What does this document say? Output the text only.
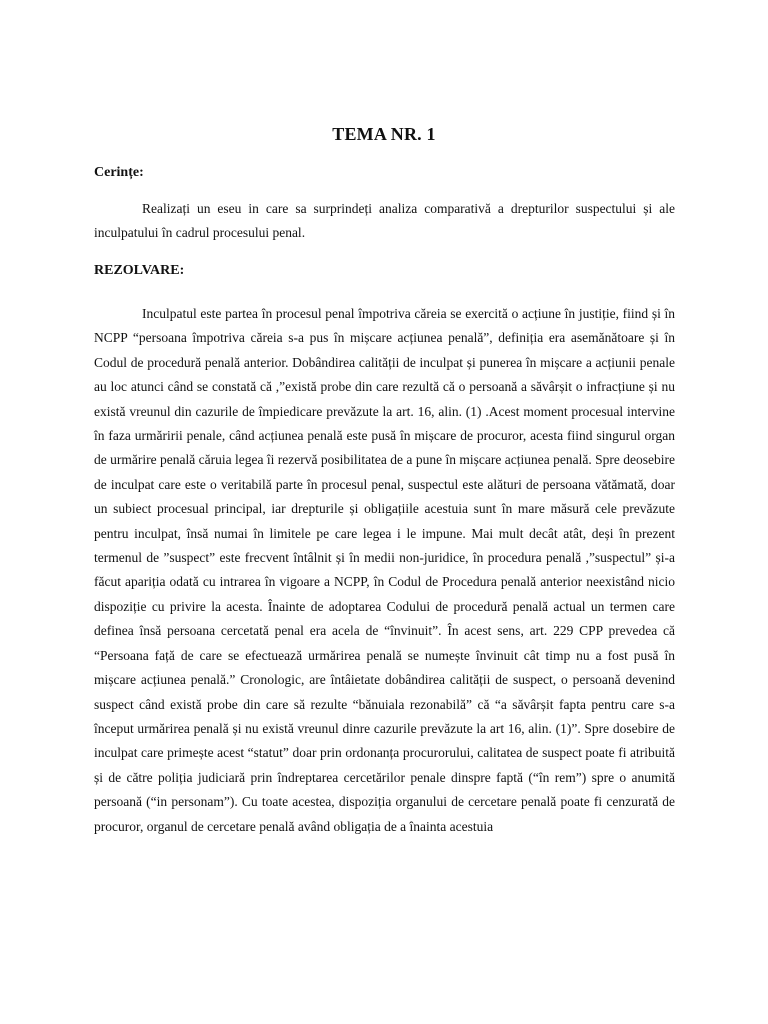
TEMA NR. 1
Cerințe:

Realizați un eseu in care sa surprindeți analiza comparativă a drepturilor suspectului și ale inculpatului în cadrul procesului penal.

REZOLVARE:

Inculpatul este partea în procesul penal împotriva căreia se exercită o acțiune în justiție, fiind și în NCPP “persoana împotriva căreia s-a pus în mișcare acțiunea penală”, definiția era asemănătoare și în Codul de procedură penală anterior. Dobândirea calității de inculpat și punerea în mișcare a acțiunii penale au loc atunci când se constată că ,”există probe din care rezultă că o persoană a săvârșit o infracțiune și nu există vreunul din cazurile de împiedicare prevăzute la art. 16, alin. (1) .Acest moment procesual intervine în faza urmăririi penale, când acțiunea penală este pusă în mișcare de procuror, acesta fiind singurul organ de urmărire penală căruia legea îi rezervă posibilitatea de a pune în mișcare acțiunea penală. Spre deosebire de inculpat care este o veritabilă parte în procesul penal, suspectul este alături de persoana vătămată, doar un subiect procesual principal, iar drepturile și obligațiile acestuia sunt în mare măsură cele prevăzute pentru inculpat, însă numai în limitele pe care legea i le impune. Mai mult decât atât, deși în prezent termenul de ”suspect” este frecvent întâlnit și în medii non-juridice, în procedura penală ,”suspectul” și-a făcut apariția odată cu intrarea în vigoare a NCPP, în Codul de Procedura penală anterior neexistând nicio dispoziție cu privire la acesta. Înainte de adoptarea Codului de procedură penală actual un termen care definea însă persoana cercetată penal era acela de “învinuit”. În acest sens, art. 229 CPP prevedea că “Persoana față de care se efectuează urmărirea penală se numește învinuit cât timp nu a fost pusă în mișcare acțiunea penală.” Cronologic, are întâietate dobândirea calității de suspect, o persoană devenind suspect când există probe din care să rezulte “bănuiala rezonabilă” că “a săvârșit fapta pentru care s-a început urmărirea penală și nu există vreunul dinre cazurile prevăzute la art 16, alin. (1)”. Spre dosebire de inculpat care primește acest “statut” doar prin ordonanța procurorului, calitatea de suspect poate fi atribuită și de către poliția judiciară prin îndreptarea cercetărilor penale dinspre faptă (“în rem”) spre o anumită persoană (“in personam”). Cu toate acestea, dispoziția organului de cercetare penală poate fi cenzurată de procuror, organul de cercetare penală având obligația de a înainta acestuia
